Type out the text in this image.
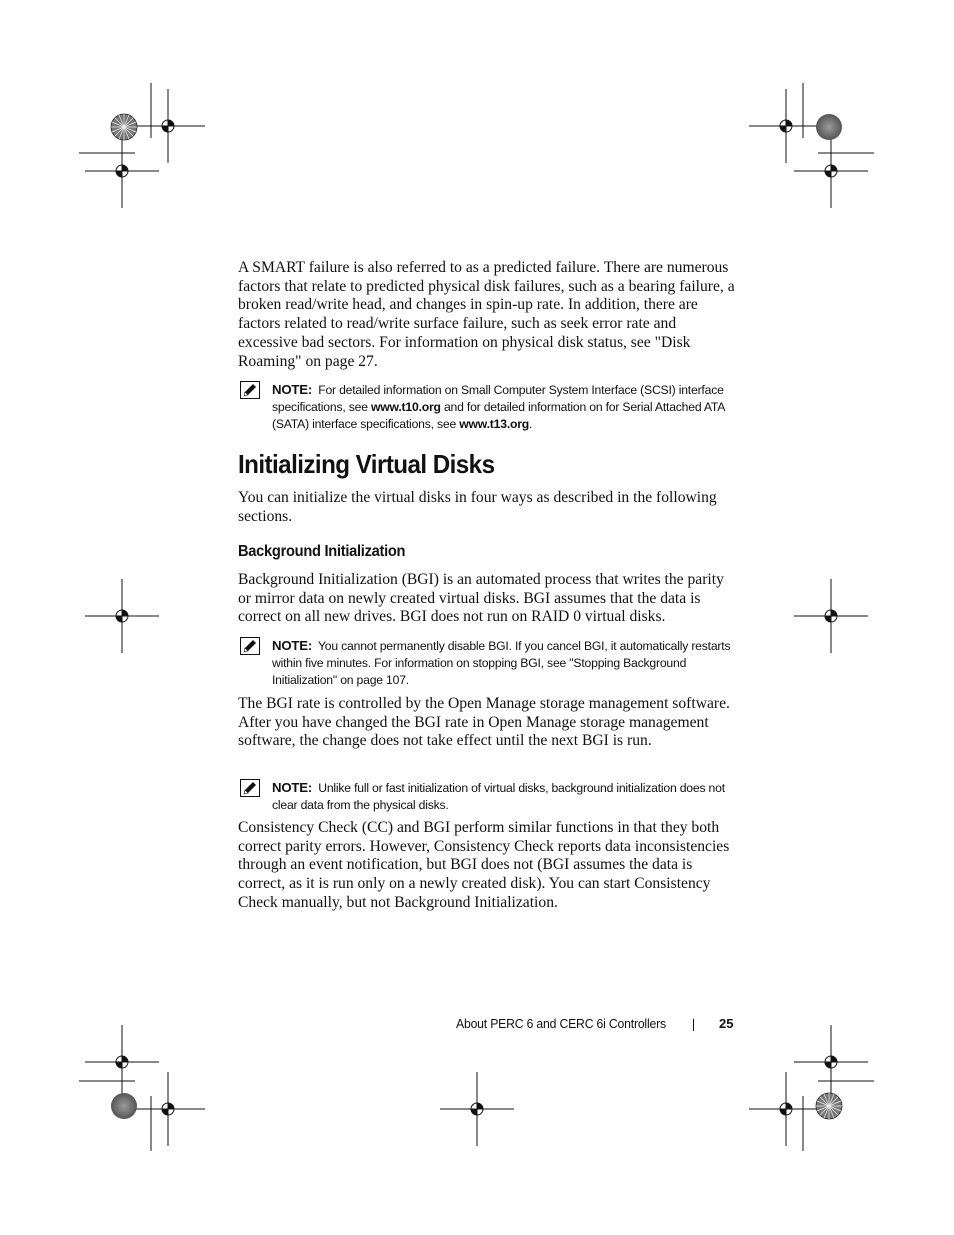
A SMART failure is also referred to as a predicted failure. There are numerous factors that relate to predicted physical disk failures, such as a bearing failure, a broken read/write head, and changes in spin-up rate. In addition, there are factors related to read/write surface failure, such as seek error rate and excessive bad sectors. For information on physical disk status, see "Disk Roaming" on page 27.

NOTE: For detailed information on Small Computer System Interface (SCSI) interface specifications, see www.t10.org and for detailed information on for Serial Attached ATA (SATA) interface specifications, see www.t13.org.

Initializing Virtual Disks

You can initialize the virtual disks in four ways as described in the following sections.

Background Initialization

Background Initialization (BGI) is an automated process that writes the parity or mirror data on newly created virtual disks. BGI assumes that the data is correct on all new drives. BGI does not run on RAID 0 virtual disks.

NOTE: You cannot permanently disable BGI. If you cancel BGI, it automatically restarts within five minutes. For information on stopping BGI, see "Stopping Background Initialization" on page 107.

The BGI rate is controlled by the Open Manage storage management software. After you have changed the BGI rate in Open Manage storage management software, the change does not take effect until the next BGI is run.

NOTE: Unlike full or fast initialization of virtual disks, background initialization does not clear data from the physical disks.

Consistency Check (CC) and BGI perform similar functions in that they both correct parity errors. However, Consistency Check reports data inconsistencies through an event notification, but BGI does not (BGI assumes the data is correct, as it is run only on a newly created disk). You can start Consistency Check manually, but not Background Initialization.

About PERC 6 and CERC 6i Controllers	25
